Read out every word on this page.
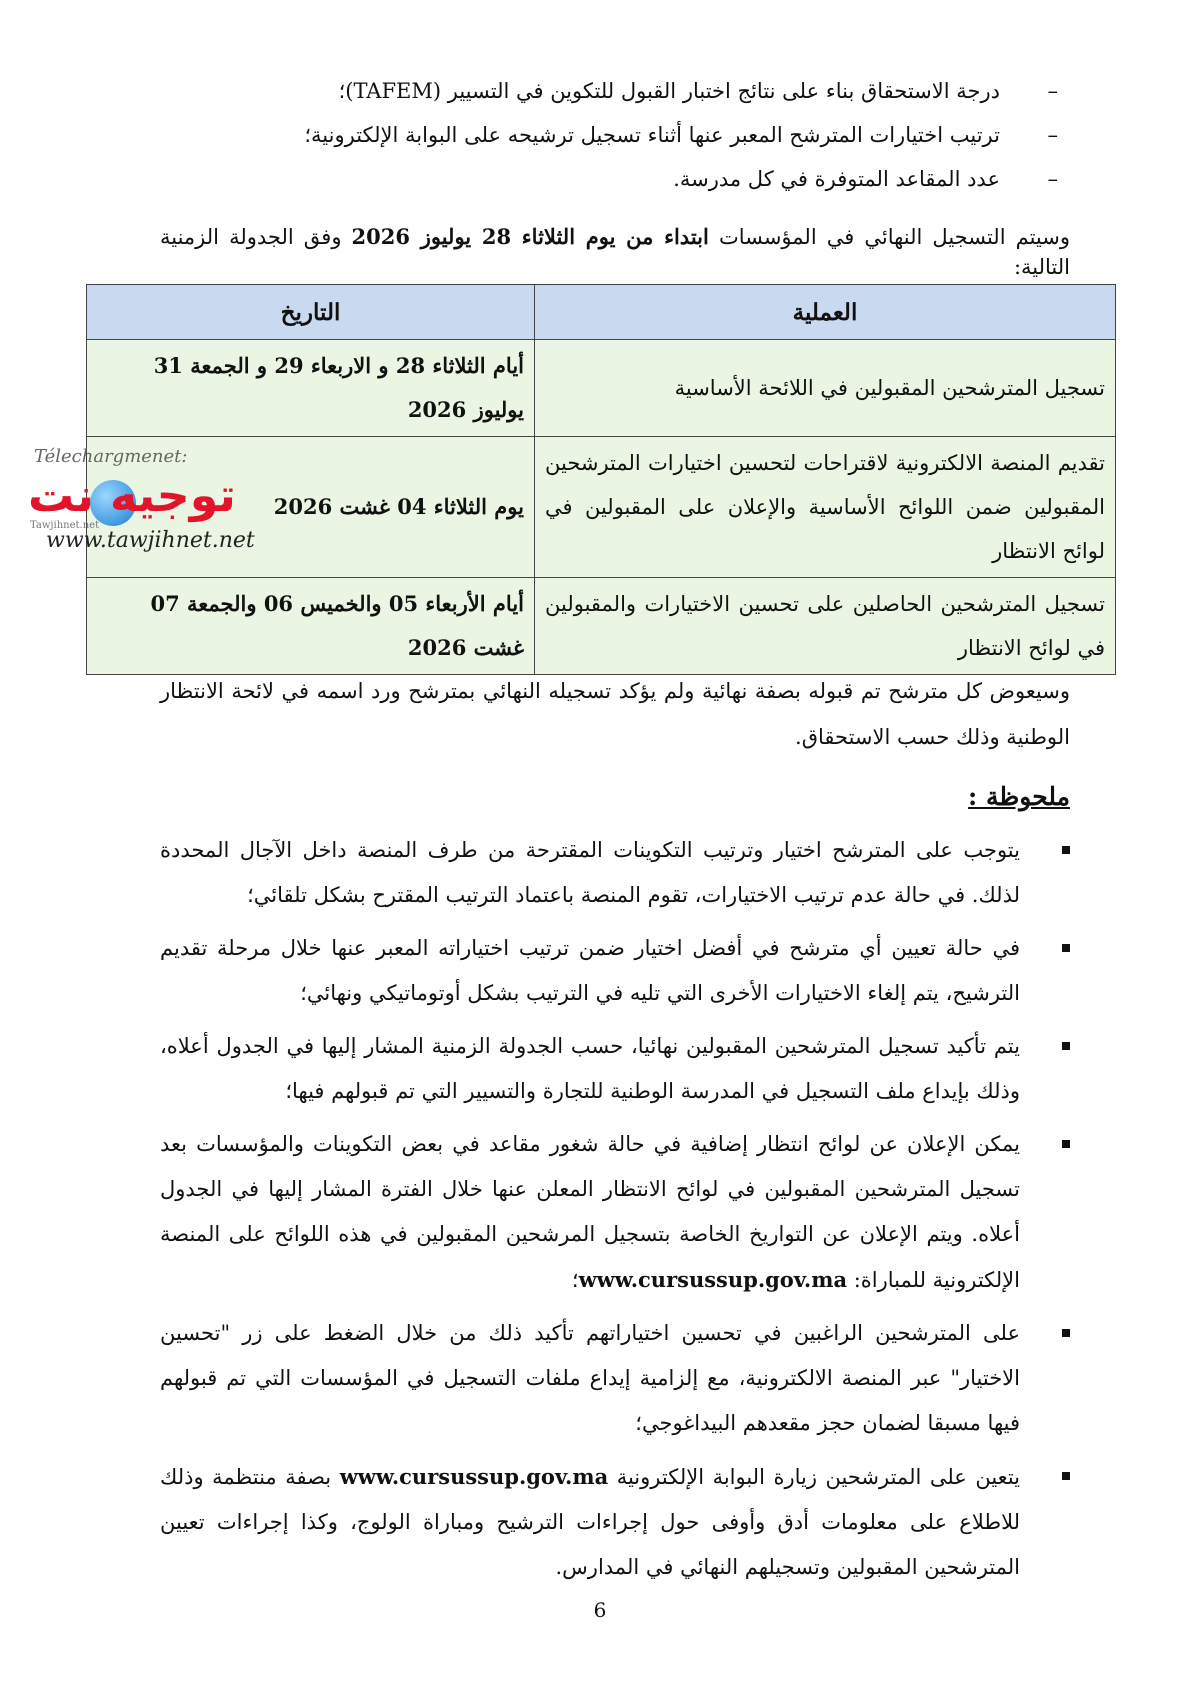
–
درجة الاستحقاق بناء على نتائج اختبار القبول للتكوين في التسيير (TAFEM)؛
–
ترتيب اختيارات المترشح المعبر عنها أثناء تسجيل ترشيحه على البوابة الإلكترونية؛
–
عدد المقاعد المتوفرة في كل مدرسة.
وسيتم التسجيل النهائي في المؤسسات ابتداء من يوم الثلاثاء 28 يوليوز 2026 وفق الجدولة الزمنية التالية:
العملية	التاريخ
تسجيل المترشحين المقبولين في اللائحة الأساسية	أيام الثلاثاء 28 و الاربعاء 29 و الجمعة 31 يوليوز 2026
تقديم المنصة الالكترونية لاقتراحات لتحسين اختيارات المترشحين المقبولين ضمن اللوائح الأساسية والإعلان على المقبولين في لوائح الانتظار	يوم الثلاثاء 04 غشت 2026
تسجيل المترشحين الحاصلين على تحسين الاختيارات والمقبولين في لوائح الانتظار	أيام الأربعاء 05 والخميس 06 والجمعة 07 غشت 2026
وسيعوض كل مترشح تم قبوله بصفة نهائية ولم يؤكد تسجيله النهائي بمترشح ورد اسمه في لائحة الانتظار الوطنية وذلك حسب الاستحقاق.
ملحوظة :
يتوجب على المترشح اختيار وترتيب التكوينات المقترحة من طرف المنصة داخل الآجال المحددة لذلك. في حالة عدم ترتيب الاختيارات، تقوم المنصة باعتماد الترتيب المقترح بشكل تلقائي؛
في حالة تعيين أي مترشح في أفضل اختيار ضمن ترتيب اختياراته المعبر عنها خلال مرحلة تقديم الترشيح، يتم إلغاء الاختيارات الأخرى التي تليه في الترتيب بشكل أوتوماتيكي ونهائي؛
يتم تأكيد تسجيل المترشحين المقبولين نهائيا، حسب الجدولة الزمنية المشار إليها في الجدول أعلاه، وذلك بإيداع ملف التسجيل في المدرسة الوطنية للتجارة والتسيير التي تم قبولهم فيها؛
يمكن الإعلان عن لوائح انتظار إضافية في حالة شغور مقاعد في بعض التكوينات والمؤسسات بعد تسجيل المترشحين المقبولين في لوائح الانتظار المعلن عنها خلال الفترة المشار إليها في الجدول أعلاه. ويتم الإعلان عن التواريخ الخاصة بتسجيل المرشحين المقبولين في هذه اللوائح على المنصة الإلكترونية للمباراة: www.cursussup.gov.ma؛
على المترشحين الراغبين في تحسين اختياراتهم تأكيد ذلك من خلال الضغط على زر "تحسين الاختيار" عبر المنصة الالكترونية، مع إلزامية إيداع ملفات التسجيل في المؤسسات التي تم قبولهم فيها مسبقا لضمان حجز مقعدهم البيداغوجي؛
يتعين على المترشحين زيارة البوابة الإلكترونية www.cursussup.gov.ma بصفة منتظمة وذلك للاطلاع على معلومات أدق وأوفى حول إجراءات الترشيح ومباراة الولوج، وكذا إجراءات تعيين المترشحين المقبولين وتسجيلهم النهائي في المدارس.
Télechargmenet:
توجيه نت
Tawjihnet.net
www.tawjihnet.net
6
